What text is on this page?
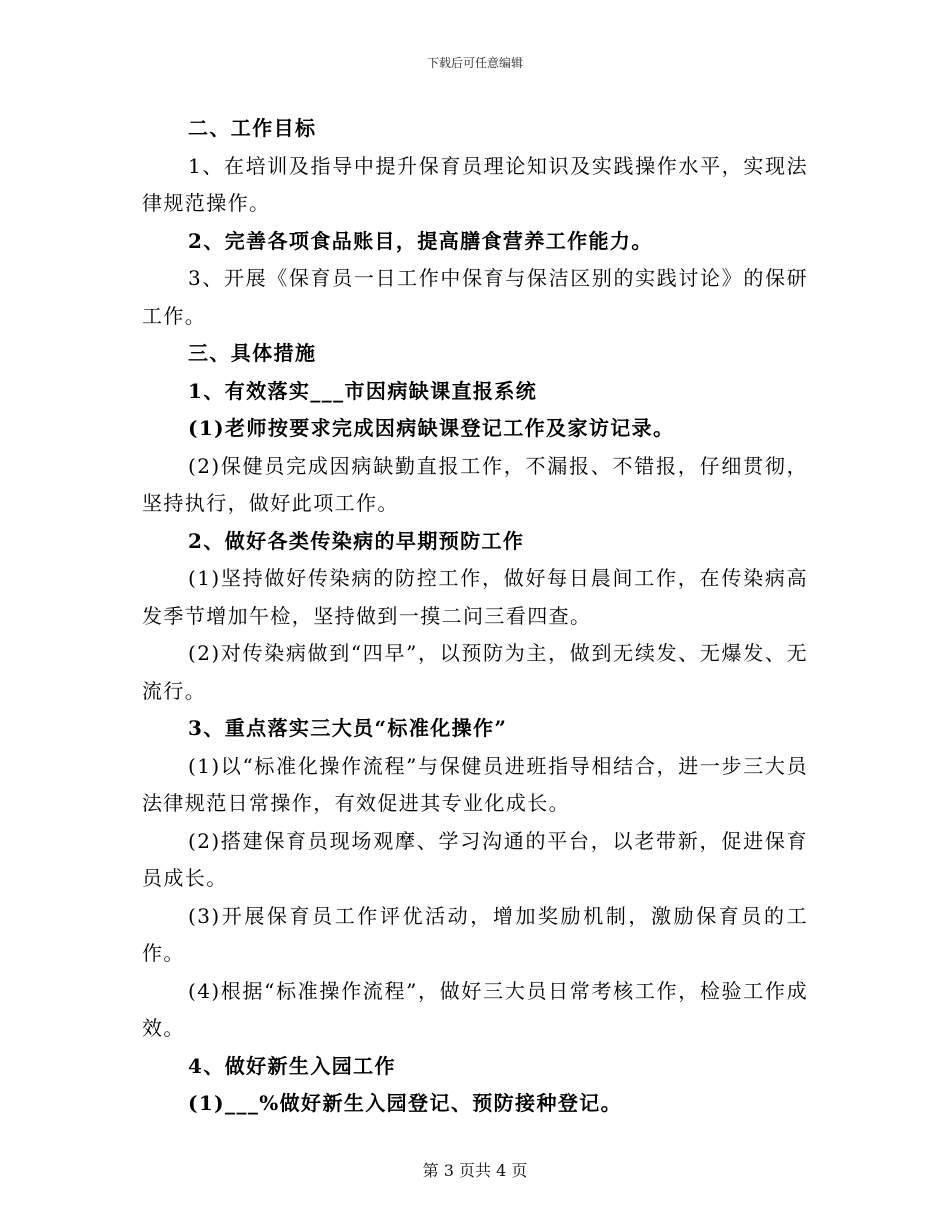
下载后可任意编辑

二、工作目标

1、在培训及指导中提升保育员理论知识及实践操作水平，实现法律规范操作。

2、完善各项食品账目，提高膳食营养工作能力。

3、开展《保育员一日工作中保育与保洁区别的实践讨论》的保研工作。

三、具体措施

1、有效落实___市因病缺课直报系统

(1)老师按要求完成因病缺课登记工作及家访记录。

(2)保健员完成因病缺勤直报工作，不漏报、不错报，仔细贯彻，坚持执行，做好此项工作。

2、做好各类传染病的早期预防工作

(1)坚持做好传染病的防控工作，做好每日晨间工作，在传染病高发季节增加午检，坚持做到一摸二问三看四查。

(2)对传染病做到“四早”，以预防为主，做到无续发、无爆发、无流行。

3、重点落实三大员“标准化操作”

(1)以“标准化操作流程”与保健员进班指导相结合，进一步三大员法律规范日常操作，有效促进其专业化成长。

(2)搭建保育员现场观摩、学习沟通的平台，以老带新，促进保育员成长。

(3)开展保育员工作评优活动，增加奖励机制，激励保育员的工作。

(4)根据“标准操作流程”，做好三大员日常考核工作，检验工作成效。

4、做好新生入园工作

(1)___%做好新生入园登记、预防接种登记。

第 3 页共 4 页
